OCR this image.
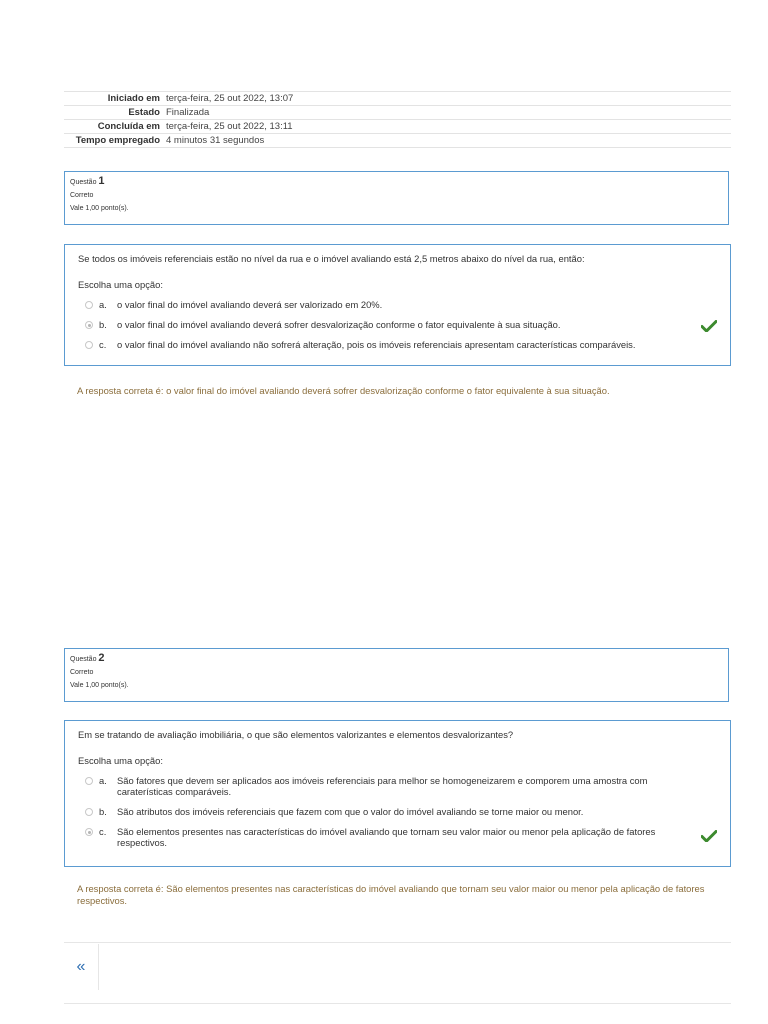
Iniciado em	terça-feira, 25 out 2022, 13:07
Estado	Finalizada
Concluída em	terça-feira, 25 out 2022, 13:11
Tempo empregado	4 minutos 31 segundos
Questão 1
Correto
Vale 1,00 ponto(s).
Se todos os imóveis referenciais estão no nível da rua e o imóvel avaliando está 2,5 metros abaixo do nível da rua, então:
Escolha uma opção:
a.	o valor final do imóvel avaliando deverá ser valorizado em 20%.
b.	o valor final do imóvel avaliando deverá sofrer desvalorização conforme o fator equivalente à sua situação.
c.	o valor final do imóvel avaliando não sofrerá alteração, pois os imóveis referenciais apresentam características comparáveis.
A resposta correta é: o valor final do imóvel avaliando deverá sofrer desvalorização conforme o fator equivalente à sua situação.
Questão 2
Correto
Vale 1,00 ponto(s).
Em se tratando de avaliação imobiliária, o que são elementos valorizantes e elementos desvalorizantes?
Escolha uma opção:
a.	São fatores que devem ser aplicados aos imóveis referenciais para melhor se homogeneizarem e comporem uma amostra com caraterísticas comparáveis.
b.	São atributos dos imóveis referenciais que fazem com que o valor do imóvel avaliando se torne maior ou menor.
c.	São elementos presentes nas características do imóvel avaliando que tornam seu valor maior ou menor pela aplicação de fatores respectivos.
A resposta correta é: São elementos presentes nas características do imóvel avaliando que tornam seu valor maior ou menor pela aplicação de fatores respectivos.
«
